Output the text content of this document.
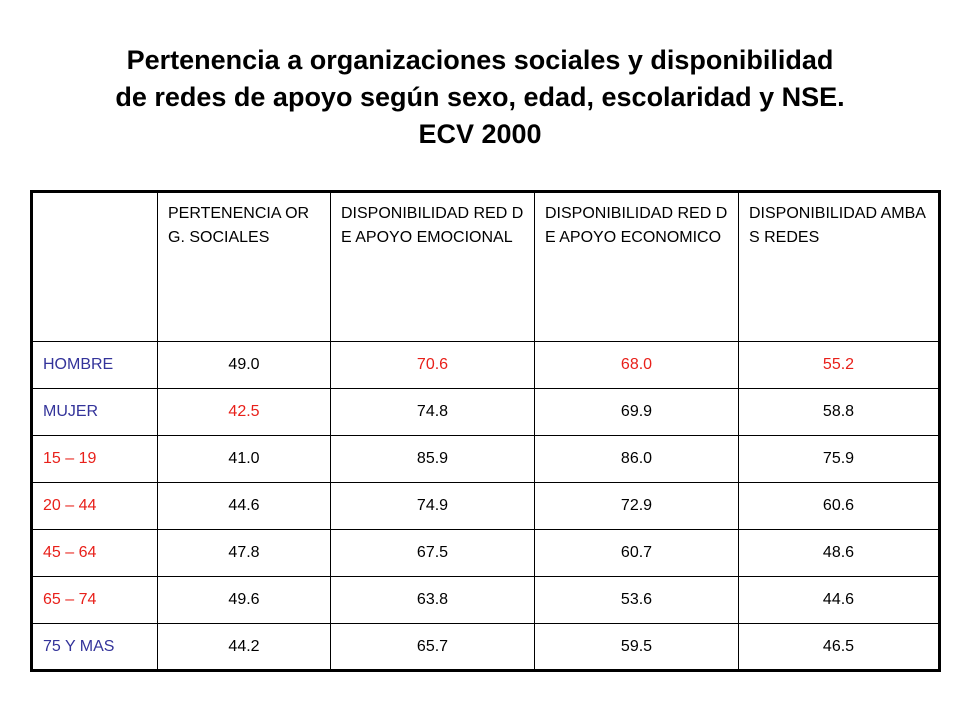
Pertenencia a organizaciones sociales y disponibilidad
de redes de apoyo según sexo, edad, escolaridad y NSE.
ECV 2000
	PERTENENCIA ORG. SOCIALES	DISPONIBILIDAD RED DE APOYO EMOCIONAL	DISPONIBILIDAD RED DE APOYO ECONOMICO	DISPONIBILIDAD AMBAS REDES
HOMBRE	49.0	70.6	68.0	55.2
MUJER	42.5	74.8	69.9	58.8
15 – 19	41.0	85.9	86.0	75.9
20 – 44	44.6	74.9	72.9	60.6
45 – 64	47.8	67.5	60.7	48.6
65 – 74	49.6	63.8	53.6	44.6
75 Y MAS	44.2	65.7	59.5	46.5
